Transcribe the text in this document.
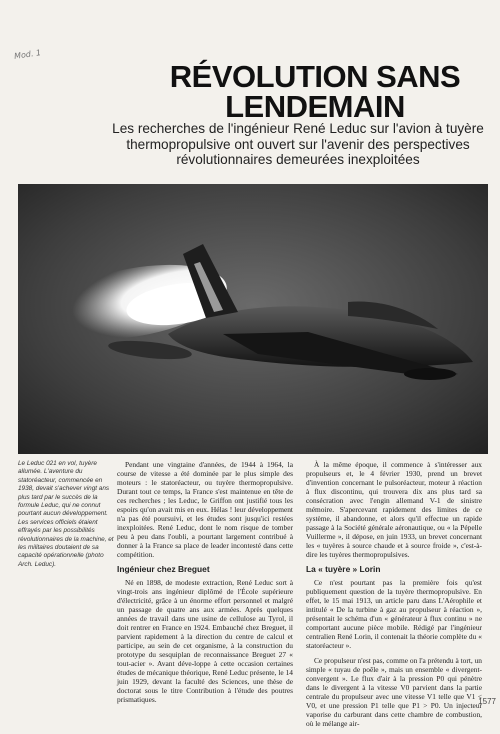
Mod. 1
RÉVOLUTION SANS LENDEMAIN
Les recherches de l'ingénieur René Leduc sur l'avion à tuyère thermopropulsive ont ouvert sur l'avenir des perspectives révolutionnaires demeurées inexploitées
Le Leduc 021 en vol, tuyère allumée. L'aventure du statoréacteur, commencée en 1938, devait s'achever vingt ans plus tard par le succès de la formule Leduc, qui ne connut pourtant aucun développement. Les services officiels étaient effrayés par les possibilités révolutionnaires de la machine, et les militaires doutaient de sa capacité opérationnelle (photo Arch. Leduc).

Pendant une vingtaine d'années, de 1944 à 1964, la course de vitesse a été dominée par le plus simple des moteurs : le statoréacteur, ou tuyère thermopropulsive. Durant tout ce temps, la France s'est maintenue en tête de ces recherches ; les Leduc, le Griffon ont justifié tous les espoirs qu'on avait mis en eux. Hélas ! leur développement n'a pas été poursuivi, et les études sont jusqu'ici restées inexploitées. René Leduc, dont le nom risque de tomber peu à peu dans l'oubli, a pourtant largement contribué à donner à la France sa place de leader incontesté dans cette compétition.

Ingénieur chez Breguet

Né en 1898, de modeste extraction, René Leduc sort à vingt-trois ans ingénieur diplômé de l'École supérieure d'électricité, grâce à un énorme effort personnel et malgré un passage de quatre ans aux armées. Après quelques années de travail dans une usine de cellulose au Tyrol, il doit rentrer en France en 1924. Embauché chez Breguet, il parvient rapidement à la direction du centre de calcul et participe, au sein de cet organisme, à la construction du prototype du sesquiplan de reconnaissance Breguet 27 « tout-acier ». Avant déve-loppe à cette occasion certaines études de mécanique théorique, René Leduc présente, le 14 juin 1929, devant la faculté des Sciences, une thèse de doctorat sous le titre Contribution à l'étude des poutres prismatiques.

À la même époque, il commence à s'intéresser aux propulseurs et, le 4 février 1930, prend un brevet d'invention concernant le pulsoréacteur, moteur à réaction à flux discontinu, qui trouvera dix ans plus tard sa consécration avec l'engin allemand V-1 de sinistre mémoire. S'apercevant rapidement des limites de ce système, il abandonne, et alors qu'il effectue un rapide passage à la Société générale aéronautique, ou « la Pépelle Vuillerme », il dépose, en juin 1933, un brevet concernant les « tuyères à source chaude et à source froide », c'est-à-dire les tuyères thermopropulsives.

La « tuyère » Lorin

Ce n'est pourtant pas la première fois qu'est publiquement question de la tuyère thermopropulsive. En effet, le 15 mai 1913, un article paru dans L'Aérophile et intitulé « De la turbine à gaz au propulseur à réaction », présentait le schéma d'un « générateur à flux continu » ne comportant aucune pièce mobile. Rédigé par l'ingénieur centralien René Lorin, il contenait la théorie complète du « statoréacteur ».

Ce propulseur n'est pas, comme on l'a prétendu à tort, un simple « tuyau de poêle », mais un ensemble « divergent-convergent ». Le flux d'air à la pression P0 qui pénètre dans le divergent à la vitesse V0 parvient dans la partie centrale du propulseur avec une vitesse V1 telle que V1 < V0, et une pression P1 telle que P1 > P0. Un injecteur vaporise du carburant dans cette chambre de combustion, où le mélange air-

1577
